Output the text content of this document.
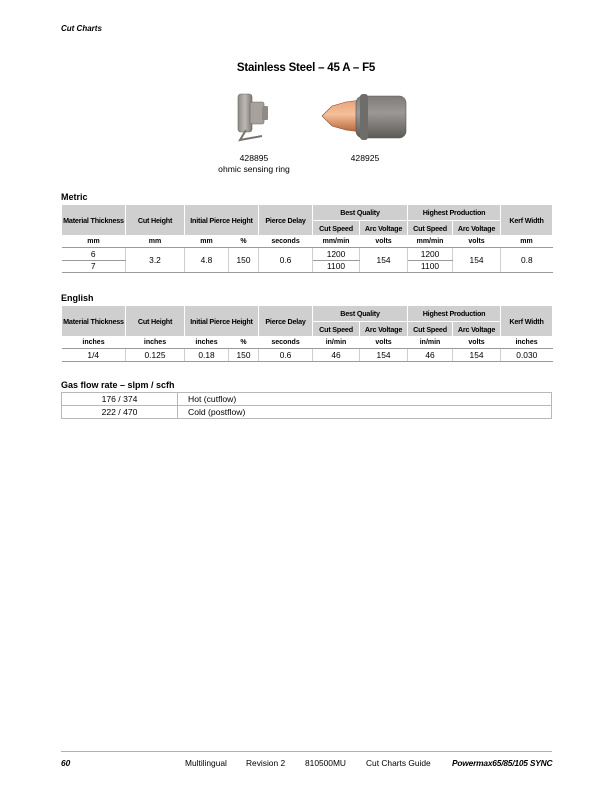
Cut Charts
Stainless Steel – 45 A – F5
428895
ohmic sensing ring
428925
Metric
Material Thickness	Cut Height	Initial Pierce Height		Pierce Delay	Best Quality		Highest Production		Kerf Width
					Cut Speed	Arc Voltage	Cut Speed	Arc Voltage	
mm	mm	mm	%	seconds	mm/min	volts	mm/min	volts	mm
6	3.2	4.8	150	0.6	1200	154	1200	154	0.8
7					1100		1100		
English
Material Thickness	Cut Height	Initial Pierce Height		Pierce Delay	Best Quality		Highest Production		Kerf Width
					Cut Speed	Arc Voltage	Cut Speed	Arc Voltage	
inches	inches	inches	%	seconds	in/min	volts	in/min	volts	inches
1/4	0.125	0.18	150	0.6	46	154	46	154	0.030
Gas flow rate – slpm / scfh
176 / 374	Hot (cutflow)
222 / 470	Cold (postflow)
60	Multilingual Revision 2 810500MU Cut Charts Guide	Powermax65/85/105 SYNC
